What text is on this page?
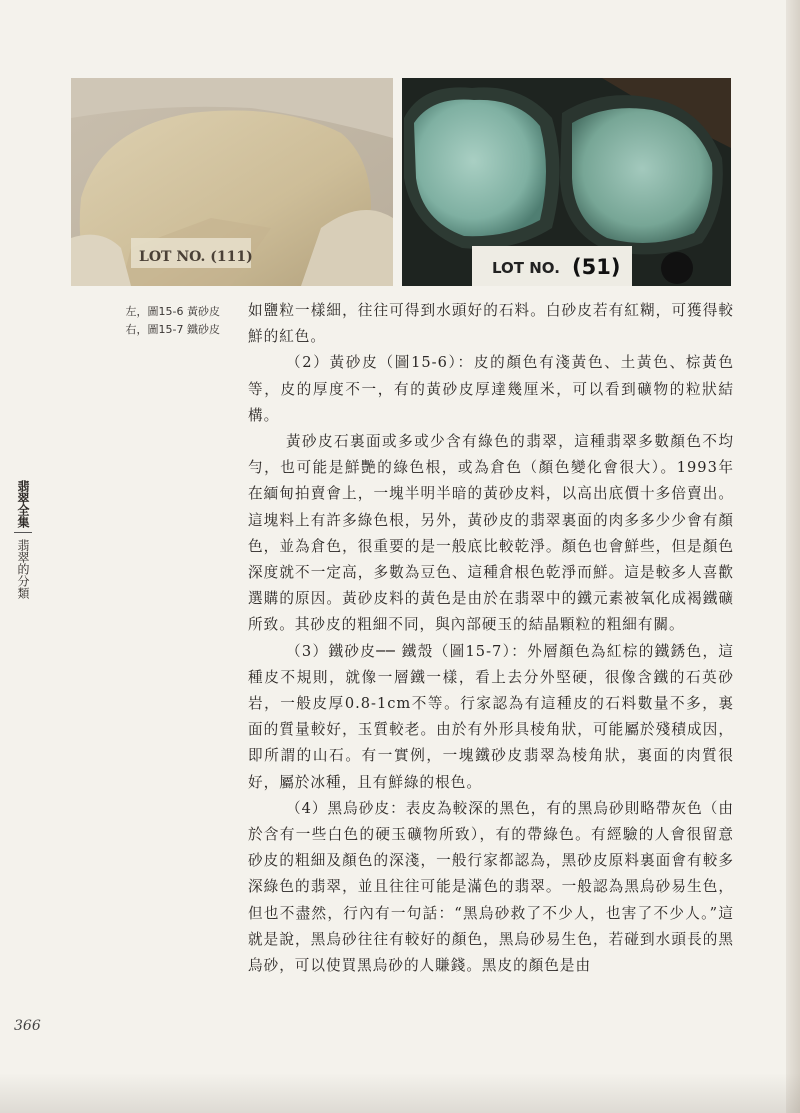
LOT NO. (111)
LOT NO. (51)
左，圖15-6 黃砂皮
右，圖15-7 鐵砂皮
翡翠全集
翡翠的分類

如鹽粒一樣細，往往可得到水頭好的石料。白砂皮若有紅糊，可獲得較鮮的紅色。

（2）黃砂皮（圖15-6）：皮的顏色有淺黃色、土黃色、棕黃色等，皮的厚度不一，有的黃砂皮厚達幾厘米，可以看到礦物的粒狀結構。

黃砂皮石裏面或多或少含有綠色的翡翠，這種翡翠多數顏色不均勻，也可能是鮮艷的綠色根，或為倉色（顏色變化會很大）。1993年在緬甸拍賣會上，一塊半明半暗的黃砂皮料，以高出底價十多倍賣出。這塊料上有許多綠色根，另外，黃砂皮的翡翠裏面的肉多多少少會有顏色，並為倉色，很重要的是一般底比較乾淨。顏色也會鮮些，但是顏色深度就不一定高，多數為豆色、這種倉根色乾淨而鮮。這是較多人喜歡選購的原因。黃砂皮料的黃色是由於在翡翠中的鐵元素被氧化成褐鐵礦所致。其砂皮的粗細不同，與內部硬玉的結晶顆粒的粗細有關。

（3）鐵砂皮── 鐵殼（圖15-7）：外層顏色為紅棕的鐵銹色，這種皮不規則，就像一層鐵一樣，看上去分外堅硬，很像含鐵的石英砂岩，一般皮厚0.8-1cm不等。行家認為有這種皮的石料數量不多，裏面的質量較好，玉質較老。由於有外形具棱角狀，可能屬於殘積成因，即所謂的山石。有一實例，一塊鐵砂皮翡翠為棱角狀，裏面的肉質很好，屬於冰種，且有鮮綠的根色。

（4）黑烏砂皮：表皮為較深的黑色，有的黑烏砂則略帶灰色（由於含有一些白色的硬玉礦物所致），有的帶綠色。有經驗的人會很留意砂皮的粗細及顏色的深淺，一般行家都認為，黑砂皮原料裏面會有較多深綠色的翡翠，並且往往可能是滿色的翡翠。一般認為黑烏砂易生色，但也不盡然，行內有一句話：“黑烏砂救了不少人，也害了不少人。”這就是說，黑烏砂往往有較好的顏色，黑烏砂易生色，若碰到水頭長的黑烏砂，可以使買黑烏砂的人賺錢。黑皮的顏色是由

366
